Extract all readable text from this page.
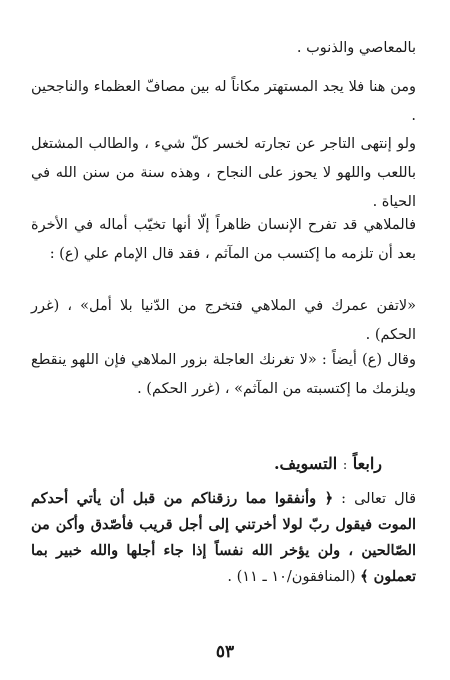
بالمعاصي والذنوب .
ومن هنا فلا يجد المستهتر مكاناً له بين مصافّ العظماء والناجحين .
ولو إنتهى التاجر عن تجارته لخسر كلّ شيء ، والطالب المشتغل باللعب واللهو لا يحوز على النجاح ، وهذه سنة من سنن الله في الحياة .
فالملاهي قد تفرح الإنسان ظاهراً إلّا أنها تخيّب أماله في الأخرة بعد أن تلزمه ما إكتسب من المآثم ، فقد قال الإمام علي (ع) :
«لاتفن عمرك في الملاهي فتخرج من الدّنيا بلا أمل» ، (غرر الحكم) .
وقال (ع) أيضاً : «لا تغرنك العاجلة بزور الملاهي فإن اللهو ينقطع ويلزمك ما إكتسبته من المآثم» ، (غرر الحكم) .
رابعاً : التسويف.
قال تعالى : ﴿ وأنفقوا مما رزقناكم من قبل أن يأتي أحدكم الموت فيقول ربّ لولا أخرتني إلى أجل قريب فأصّدق وأكن من الصّالحين ، ولن يؤخر الله نفساً إذا جاء أجلها والله خبير بما تعملون ﴾ (المنافقون/١٠ ـ ١١) .
٥٣
